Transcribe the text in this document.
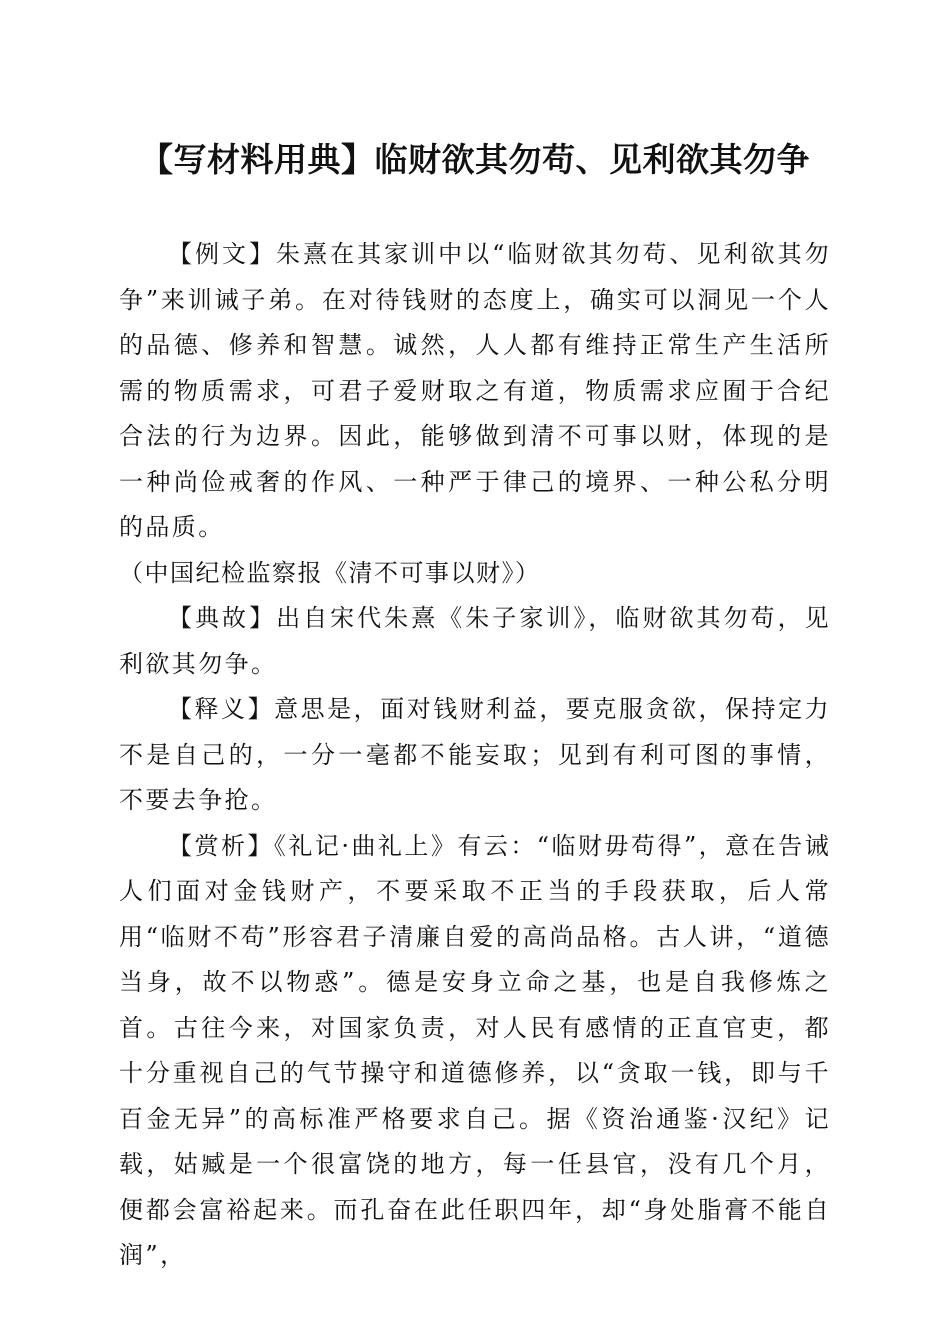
【写材料用典】临财欲其勿苟、见利欲其勿争

【例文】朱熹在其家训中以“临财欲其勿苟、见利欲其勿争”来训诫子弟。在对待钱财的态度上，确实可以洞见一个人的品德、修养和智慧。诚然，人人都有维持正常生产生活所需的物质需求，可君子爱财取之有道，物质需求应囿于合纪合法的行为边界。因此，能够做到清不可事以财，体现的是一种尚俭戒奢的作风、一种严于律己的境界、一种公私分明的品质。

（中国纪检监察报《清不可事以财》）

【典故】出自宋代朱熹《朱子家训》，临财欲其勿苟，见利欲其勿争。

【释义】意思是，面对钱财利益，要克服贪欲，保持定力不是自己的，一分一毫都不能妄取；见到有利可图的事情，不要去争抢。

【赏析】《礼记·曲礼上》有云：“临财毋苟得”，意在告诫人们面对金钱财产，不要采取不正当的手段获取，后人常用“临财不苟”形容君子清廉自爱的高尚品格。古人讲，“道德当身，故不以物惑”。德是安身立命之基，也是自我修炼之首。古往今来，对国家负责，对人民有感情的正直官吏，都十分重视自己的气节操守和道德修养，以“贪取一钱，即与千百金无异”的高标准严格要求自己。据《资治通鉴·汉纪》记载，姑臧是一个很富饶的地方，每一任县官，没有几个月，便都会富裕起来。而孔奋在此任职四年，却“身处脂膏不能自润”，
